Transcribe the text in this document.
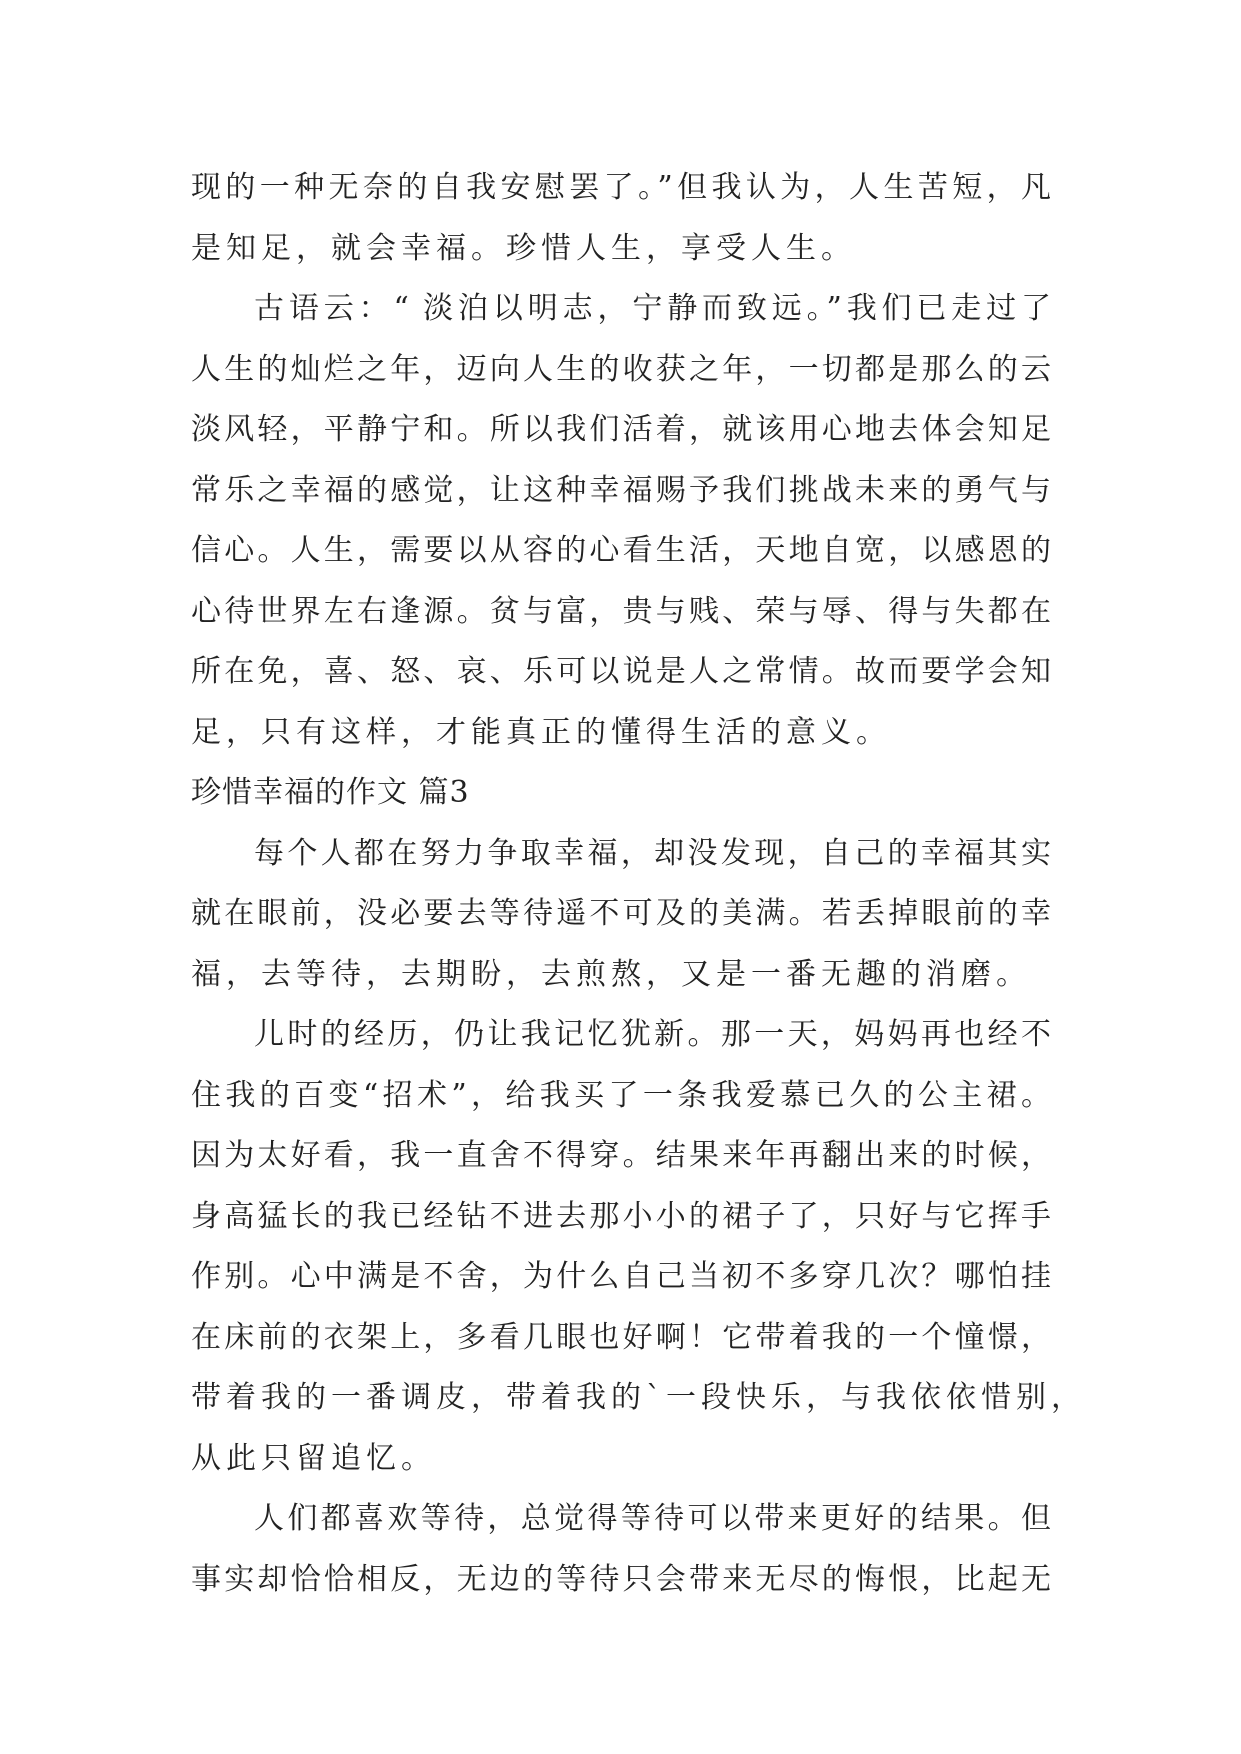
现的一种无奈的自我安慰罢了。”但我认为，人生苦短，凡
是知足，就会幸福。珍惜人生，享受人生。
古语云：“ 淡泊以明志，宁静而致远。”我们已走过了
人生的灿烂之年，迈向人生的收获之年，一切都是那么的云
淡风轻，平静宁和。所以我们活着，就该用心地去体会知足
常乐之幸福的感觉，让这种幸福赐予我们挑战未来的勇气与
信心。人生，需要以从容的心看生活，天地自宽，以感恩的
心待世界左右逢源。贫与富，贵与贱、荣与辱、得与失都在
所在免，喜、怒、哀、乐可以说是人之常情。故而要学会知
足，只有这样，才能真正的懂得生活的意义。
珍惜幸福的作文 篇3
每个人都在努力争取幸福，却没发现，自己的幸福其实
就在眼前，没必要去等待遥不可及的美满。若丢掉眼前的幸
福，去等待，去期盼，去煎熬，又是一番无趣的消磨。
儿时的经历，仍让我记忆犹新。那一天，妈妈再也经不
住我的百变“招术”，给我买了一条我爱慕已久的公主裙。
因为太好看，我一直舍不得穿。结果来年再翻出来的时候，
身高猛长的我已经钻不进去那小小的裙子了，只好与它挥手
作别。心中满是不舍，为什么自己当初不多穿几次？哪怕挂
在床前的衣架上，多看几眼也好啊！它带着我的一个憧憬，
带着我的一番调皮，带着我的`一段快乐，与我依依惜别，
从此只留追忆。
人们都喜欢等待，总觉得等待可以带来更好的结果。但
事实却恰恰相反，无边的等待只会带来无尽的悔恨，比起无
